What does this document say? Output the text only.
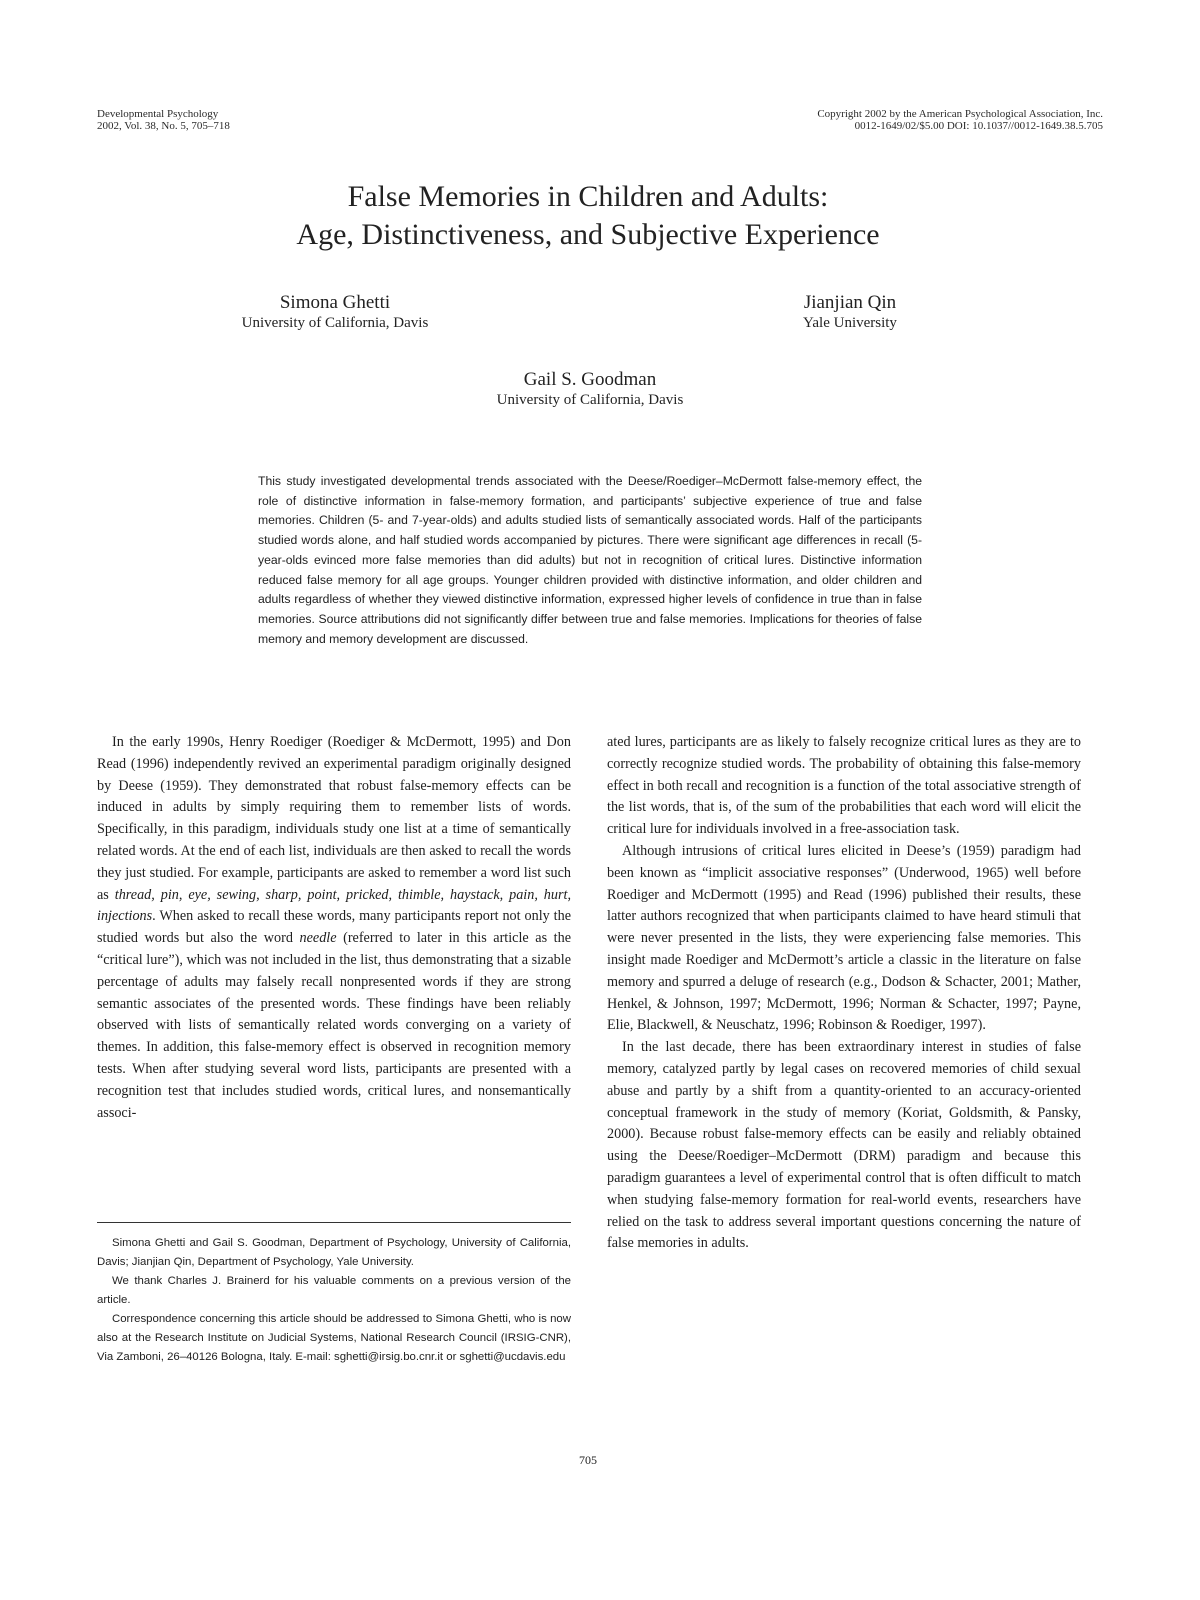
Developmental Psychology
2002, Vol. 38, No. 5, 705–718
Copyright 2002 by the American Psychological Association, Inc.
0012-1649/02/$5.00 DOI: 10.1037//0012-1649.38.5.705
False Memories in Children and Adults:
Age, Distinctiveness, and Subjective Experience
Simona Ghetti
University of California, Davis
Jianjian Qin
Yale University
Gail S. Goodman
University of California, Davis
This study investigated developmental trends associated with the Deese/Roediger–McDermott false-memory effect, the role of distinctive information in false-memory formation, and participants’ subjective experience of true and false memories. Children (5- and 7-year-olds) and adults studied lists of semantically associated words. Half of the participants studied words alone, and half studied words accompanied by pictures. There were significant age differences in recall (5-year-olds evinced more false memories than did adults) but not in recognition of critical lures. Distinctive information reduced false memory for all age groups. Younger children provided with distinctive information, and older children and adults regardless of whether they viewed distinctive information, expressed higher levels of confidence in true than in false memories. Source attributions did not significantly differ between true and false memories. Implications for theories of false memory and memory development are discussed.

In the early 1990s, Henry Roediger (Roediger & McDermott, 1995) and Don Read (1996) independently revived an experimental paradigm originally designed by Deese (1959). They demonstrated that robust false-memory effects can be induced in adults by simply requiring them to remember lists of words. Specifically, in this paradigm, individuals study one list at a time of semantically related words. At the end of each list, individuals are then asked to recall the words they just studied. For example, participants are asked to remember a word list such as thread, pin, eye, sewing, sharp, point, pricked, thimble, haystack, pain, hurt, injections. When asked to recall these words, many participants report not only the studied words but also the word needle (referred to later in this article as the “critical lure”), which was not included in the list, thus demonstrating that a sizable percentage of adults may falsely recall nonpresented words if they are strong semantic associates of the presented words. These findings have been reliably observed with lists of semantically related words converging on a variety of themes. In addition, this false-memory effect is observed in recognition memory tests. When after studying several word lists, participants are presented with a recognition test that includes studied words, critical lures, and nonsemantically associ-

Simona Ghetti and Gail S. Goodman, Department of Psychology, University of California, Davis; Jianjian Qin, Department of Psychology, Yale University.

We thank Charles J. Brainerd for his valuable comments on a previous version of the article.

Correspondence concerning this article should be addressed to Simona Ghetti, who is now also at the Research Institute on Judicial Systems, National Research Council (IRSIG-CNR), Via Zamboni, 26–40126 Bologna, Italy. E-mail: sghetti@irsig.bo.cnr.it or sghetti@ucdavis.edu

ated lures, participants are as likely to falsely recognize critical lures as they are to correctly recognize studied words. The probability of obtaining this false-memory effect in both recall and recognition is a function of the total associative strength of the list words, that is, of the sum of the probabilities that each word will elicit the critical lure for individuals involved in a free-association task.

Although intrusions of critical lures elicited in Deese’s (1959) paradigm had been known as “implicit associative responses” (Underwood, 1965) well before Roediger and McDermott (1995) and Read (1996) published their results, these latter authors recognized that when participants claimed to have heard stimuli that were never presented in the lists, they were experiencing false memories. This insight made Roediger and McDermott’s article a classic in the literature on false memory and spurred a deluge of research (e.g., Dodson & Schacter, 2001; Mather, Henkel, & Johnson, 1997; McDermott, 1996; Norman & Schacter, 1997; Payne, Elie, Blackwell, & Neuschatz, 1996; Robinson & Roediger, 1997).

In the last decade, there has been extraordinary interest in studies of false memory, catalyzed partly by legal cases on recovered memories of child sexual abuse and partly by a shift from a quantity-oriented to an accuracy-oriented conceptual framework in the study of memory (Koriat, Goldsmith, & Pansky, 2000). Because robust false-memory effects can be easily and reliably obtained using the Deese/Roediger–McDermott (DRM) paradigm and because this paradigm guarantees a level of experimental control that is often difficult to match when studying false-memory formation for real-world events, researchers have relied on the task to address several important questions concerning the nature of false memories in adults.

705
